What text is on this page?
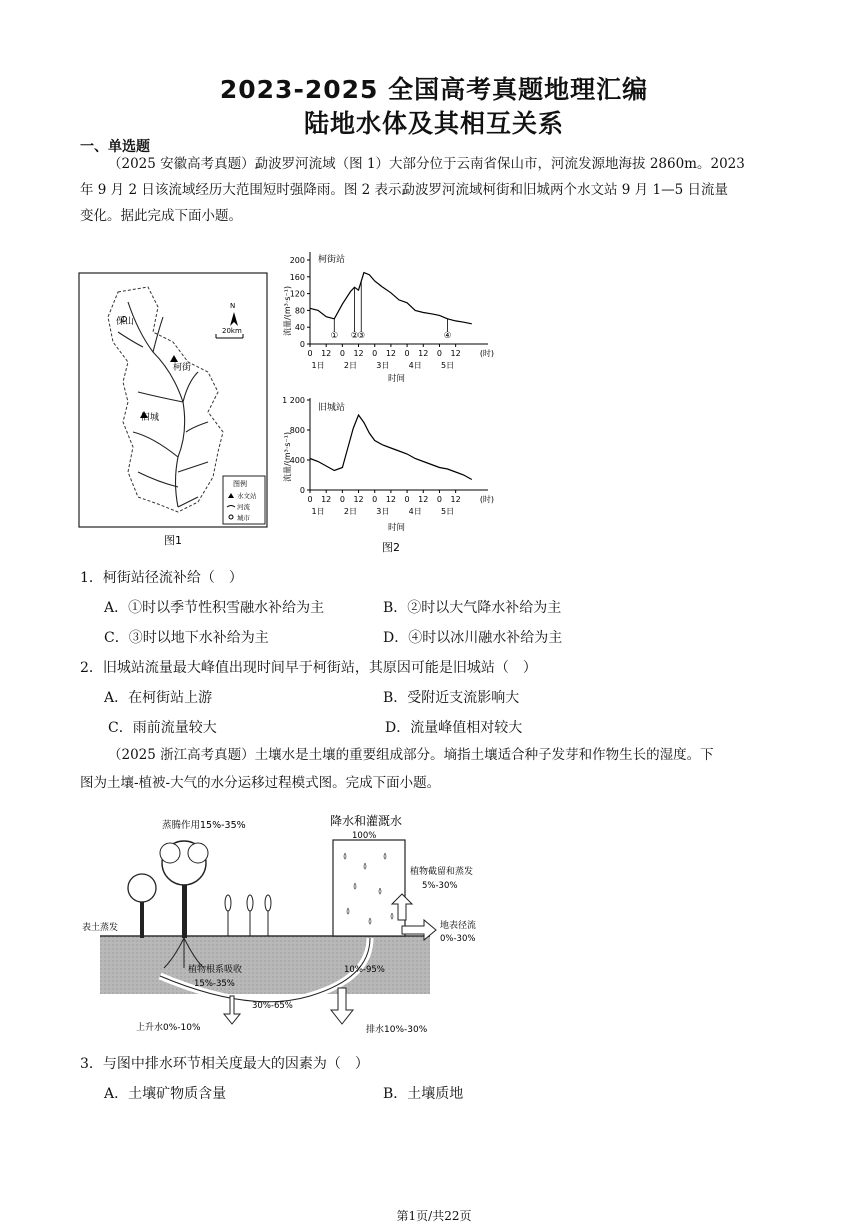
2023-2025 全国高考真题地理汇编
陆地水体及其相互关系
一、单选题
（2025 安徽高考真题）勐波罗河流域（图 1）大部分位于云南省保山市，河流发源地海拔 2860m。2023
年 9 月 2 日该流域经历大范围短时强降雨。图 2 表示勐波罗河流域柯街和旧城两个水文站 9 月 1—5 日流量
变化。据此完成下面小题。
保山
柯街
旧城
N
20km
图例
水文站
河流
城市
图1
柯街站
流量/(m³·s⁻¹)
200
160
120
80
40
0
① ② ③	④
0 12 0 12 0 12 0 12 0 12 (时)
1日 2日 3日 4日 5日
时间
旧城站
流量/(m³·s⁻¹)
1 200
800
400
0
0 12 0 12 0 12 0 12 0 12 (时)
1日 2日 3日 4日 5日
时间
图2
1．柯街站径流补给（　）
A．①时以季节性积雪融水补给为主	B．②时以大气降水补给为主
C．③时以地下水补给为主	D．④时以冰川融水补给为主
2．旧城站流量最大峰值出现时间早于柯街站，其原因可能是旧城站（　）
A．在柯街站上游	B．受附近支流影响大
C．雨前流量较大	D．流量峰值相对较大
（2025 浙江高考真题）土壤水是土壤的重要组成部分。墒指土壤适合种子发芽和作物生长的湿度。下
图为土壤-植被-大气的水分运移过程模式图。完成下面小题。
蒸腾作用15%-35%	降水和灌溉水
100%
植物截留和蒸发
5%-30%
地表径流
0%-30%
表土蒸发
10%-95%
植物根系吸收
15%-35%
30%-65%
上升水0%-10%	排水10%-30%
3．与图中排水环节相关度最大的因素为（　）
A．土壤矿物质含量	B．土壤质地
第1页/共22页
